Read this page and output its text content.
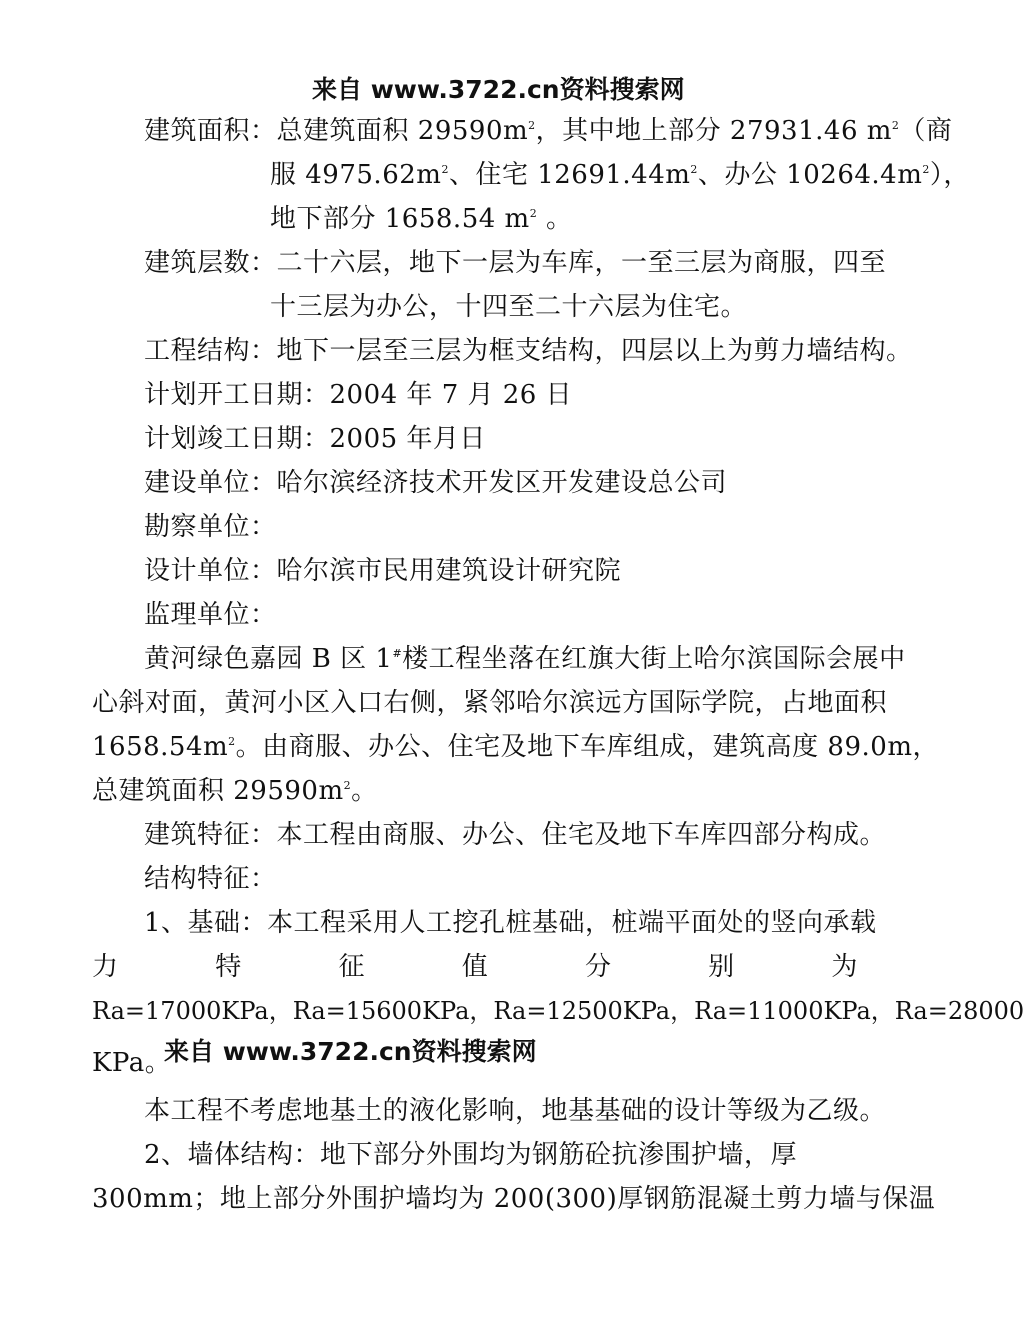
来自 www.3722.cn资料搜索网
建筑面积：总建筑面积 $29590m^2$，其中地上部分 27931.46 $m^2$（商
服 $4975.62m^2$、住宅 $12691.44m^2$、办公 $10264.4m^2$），
地下部分 1658.54 $m^2$ 。
建筑层数：二十六层，地下一层为车库，一至三层为商服，四至
十三层为办公，十四至二十六层为住宅。
工程结构：地下一层至三层为框支结构，四层以上为剪力墙结构。
计划开工日期：2004 年 7 月 26 日
计划竣工日期：2005 年月日
建设单位：哈尔滨经济技术开发区开发建设总公司
勘察单位：
设计单位：哈尔滨市民用建筑设计研究院
监理单位：
黄河绿色嘉园 B 区 1#楼工程坐落在红旗大街上哈尔滨国际会展中
心斜对面，黄河小区入口右侧，紧邻哈尔滨远方国际学院，占地面积
$1658.54m^2$。由商服、办公、住宅及地下车库组成，建筑高度 89.0m，
总建筑面积 $29590m^2$。
建筑特征：本工程由商服、办公、住宅及地下车库四部分构成。
结构特征：
1、基础：本工程采用人工挖孔桩基础，桩端平面处的竖向承载
力	特	征	值	分	别	为
Ra=17000KPa，Ra=15600KPa，Ra=12500KPa，Ra=11000KPa，Ra=28000
KPa。
来自 www.3722.cn资料搜索网
本工程不考虑地基土的液化影响，地基基础的设计等级为乙级。
2、墙体结构：地下部分外围均为钢筋砼抗渗围护墙，厚
300mm；地上部分外围护墙均为 200(300)厚钢筋混凝土剪力墙与保温
